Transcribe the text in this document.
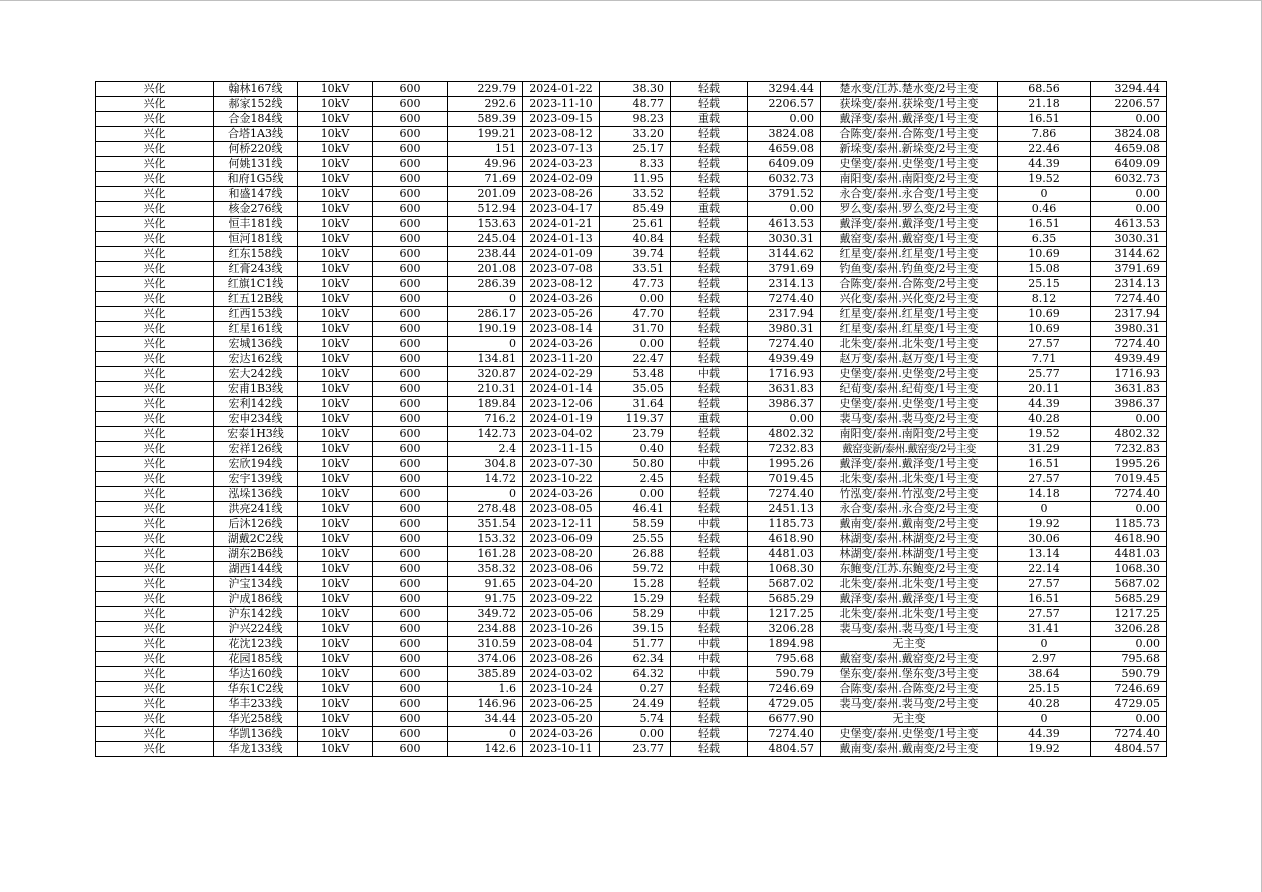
兴化	翰林167线	10kV	600	229.79	2024-01-22	38.30	轻载	3294.44	楚水变/江苏.楚水变/2号主变	68.56	3294.44
兴化	郝家152线	10kV	600	292.6	2023-11-10	48.77	轻载	2206.57	获垛变/泰州.获垛变/1号主变	21.18	2206.57
兴化	合金184线	10kV	600	589.39	2023-09-15	98.23	重载	0.00	戴泽变/泰州.戴泽变/1号主变	16.51	0.00
兴化	合塔1A3线	10kV	600	199.21	2023-08-12	33.20	轻载	3824.08	合陈变/泰州.合陈变/1号主变	7.86	3824.08
兴化	何桥220线	10kV	600	151	2023-07-13	25.17	轻载	4659.08	新垛变/泰州.新垛变/2号主变	22.46	4659.08
兴化	何姚131线	10kV	600	49.96	2024-03-23	8.33	轻载	6409.09	史堡变/泰州.史堡变/1号主变	44.39	6409.09
兴化	和府1G5线	10kV	600	71.69	2024-02-09	11.95	轻载	6032.73	南阳变/泰州.南阳变/2号主变	19.52	6032.73
兴化	和盛147线	10kV	600	201.09	2023-08-26	33.52	轻载	3791.52	永合变/泰州.永合变/1号主变	0	0.00
兴化	核金276线	10kV	600	512.94	2023-04-17	85.49	重载	0.00	罗么变/泰州.罗么变/2号主变	0.46	0.00
兴化	恒丰181线	10kV	600	153.63	2024-01-21	25.61	轻载	4613.53	戴泽变/泰州.戴泽变/1号主变	16.51	4613.53
兴化	恒河181线	10kV	600	245.04	2024-01-13	40.84	轻载	3030.31	戴窑变/泰州.戴窑变/1号主变	6.35	3030.31
兴化	红东158线	10kV	600	238.44	2024-01-09	39.74	轻载	3144.62	红星变/泰州.红星变/1号主变	10.69	3144.62
兴化	红膏243线	10kV	600	201.08	2023-07-08	33.51	轻载	3791.69	钓鱼变/泰州.钓鱼变/2号主变	15.08	3791.69
兴化	红旗1C1线	10kV	600	286.39	2023-08-12	47.73	轻载	2314.13	合陈变/泰州.合陈变/2号主变	25.15	2314.13
兴化	红五12B线	10kV	600	0	2024-03-26	0.00	轻载	7274.40	兴化变/泰州.兴化变/2号主变	8.12	7274.40
兴化	红西153线	10kV	600	286.17	2023-05-26	47.70	轻载	2317.94	红星变/泰州.红星变/1号主变	10.69	2317.94
兴化	红星161线	10kV	600	190.19	2023-08-14	31.70	轻载	3980.31	红星变/泰州.红星变/1号主变	10.69	3980.31
兴化	宏城136线	10kV	600	0	2024-03-26	0.00	轻载	7274.40	北朱变/泰州.北朱变/1号主变	27.57	7274.40
兴化	宏达162线	10kV	600	134.81	2023-11-20	22.47	轻载	4939.49	赵万变/泰州.赵万变/1号主变	7.71	4939.49
兴化	宏大242线	10kV	600	320.87	2024-02-29	53.48	中载	1716.93	史堡变/泰州.史堡变/2号主变	25.77	1716.93
兴化	宏甫1B3线	10kV	600	210.31	2024-01-14	35.05	轻载	3631.83	纪荀变/泰州.纪荀变/1号主变	20.11	3631.83
兴化	宏利142线	10kV	600	189.84	2023-12-06	31.64	轻载	3986.37	史堡变/泰州.史堡变/1号主变	44.39	3986.37
兴化	宏申234线	10kV	600	716.2	2024-01-19	119.37	重载	0.00	裴马变/泰州.裴马变/2号主变	40.28	0.00
兴化	宏泰1H3线	10kV	600	142.73	2023-04-02	23.79	轻载	4802.32	南阳变/泰州.南阳变/2号主变	19.52	4802.32
兴化	宏祥126线	10kV	600	2.4	2023-11-15	0.40	轻载	7232.83	戴窑变新/泰州.戴窑变/2号主变	31.29	7232.83
兴化	宏欣194线	10kV	600	304.8	2023-07-30	50.80	中载	1995.26	戴泽变/泰州.戴泽变/1号主变	16.51	1995.26
兴化	宏宇139线	10kV	600	14.72	2023-10-22	2.45	轻载	7019.45	北朱变/泰州.北朱变/1号主变	27.57	7019.45
兴化	泓垛136线	10kV	600	0	2024-03-26	0.00	轻载	7274.40	竹泓变/泰州.竹泓变/2号主变	14.18	7274.40
兴化	洪亮241线	10kV	600	278.48	2023-08-05	46.41	轻载	2451.13	永合变/泰州.永合变/2号主变	0	0.00
兴化	后沐126线	10kV	600	351.54	2023-12-11	58.59	中载	1185.73	戴南变/泰州.戴南变/2号主变	19.92	1185.73
兴化	湖戴2C2线	10kV	600	153.32	2023-06-09	25.55	轻载	4618.90	林湖变/泰州.林湖变/2号主变	30.06	4618.90
兴化	湖东2B6线	10kV	600	161.28	2023-08-20	26.88	轻载	4481.03	林湖变/泰州.林湖变/1号主变	13.14	4481.03
兴化	湖西144线	10kV	600	358.32	2023-08-06	59.72	中载	1068.30	东鲍变/江苏.东鲍变/2号主变	22.14	1068.30
兴化	沪宝134线	10kV	600	91.65	2023-04-20	15.28	轻载	5687.02	北朱变/泰州.北朱变/1号主变	27.57	5687.02
兴化	沪成186线	10kV	600	91.75	2023-09-22	15.29	轻载	5685.29	戴泽变/泰州.戴泽变/1号主变	16.51	5685.29
兴化	沪东142线	10kV	600	349.72	2023-05-06	58.29	中载	1217.25	北朱变/泰州.北朱变/1号主变	27.57	1217.25
兴化	沪兴224线	10kV	600	234.88	2023-10-26	39.15	轻载	3206.28	裴马变/泰州.裴马变/1号主变	31.41	3206.28
兴化	花沈123线	10kV	600	310.59	2023-08-04	51.77	中载	1894.98	无主变	0	0.00
兴化	花园185线	10kV	600	374.06	2023-08-26	62.34	中载	795.68	戴窑变/泰州.戴窑变/2号主变	2.97	795.68
兴化	华达160线	10kV	600	385.89	2024-03-02	64.32	中载	590.79	堡东变/泰州.堡东变/3号主变	38.64	590.79
兴化	华东1C2线	10kV	600	1.6	2023-10-24	0.27	轻载	7246.69	合陈变/泰州.合陈变/2号主变	25.15	7246.69
兴化	华丰233线	10kV	600	146.96	2023-06-25	24.49	轻载	4729.05	裴马变/泰州.裴马变/2号主变	40.28	4729.05
兴化	华光258线	10kV	600	34.44	2023-05-20	5.74	轻载	6677.90	无主变	0	0.00
兴化	华凯136线	10kV	600	0	2024-03-26	0.00	轻载	7274.40	史堡变/泰州.史堡变/1号主变	44.39	7274.40
兴化	华龙133线	10kV	600	142.6	2023-10-11	23.77	轻载	4804.57	戴南变/泰州.戴南变/2号主变	19.92	4804.57
